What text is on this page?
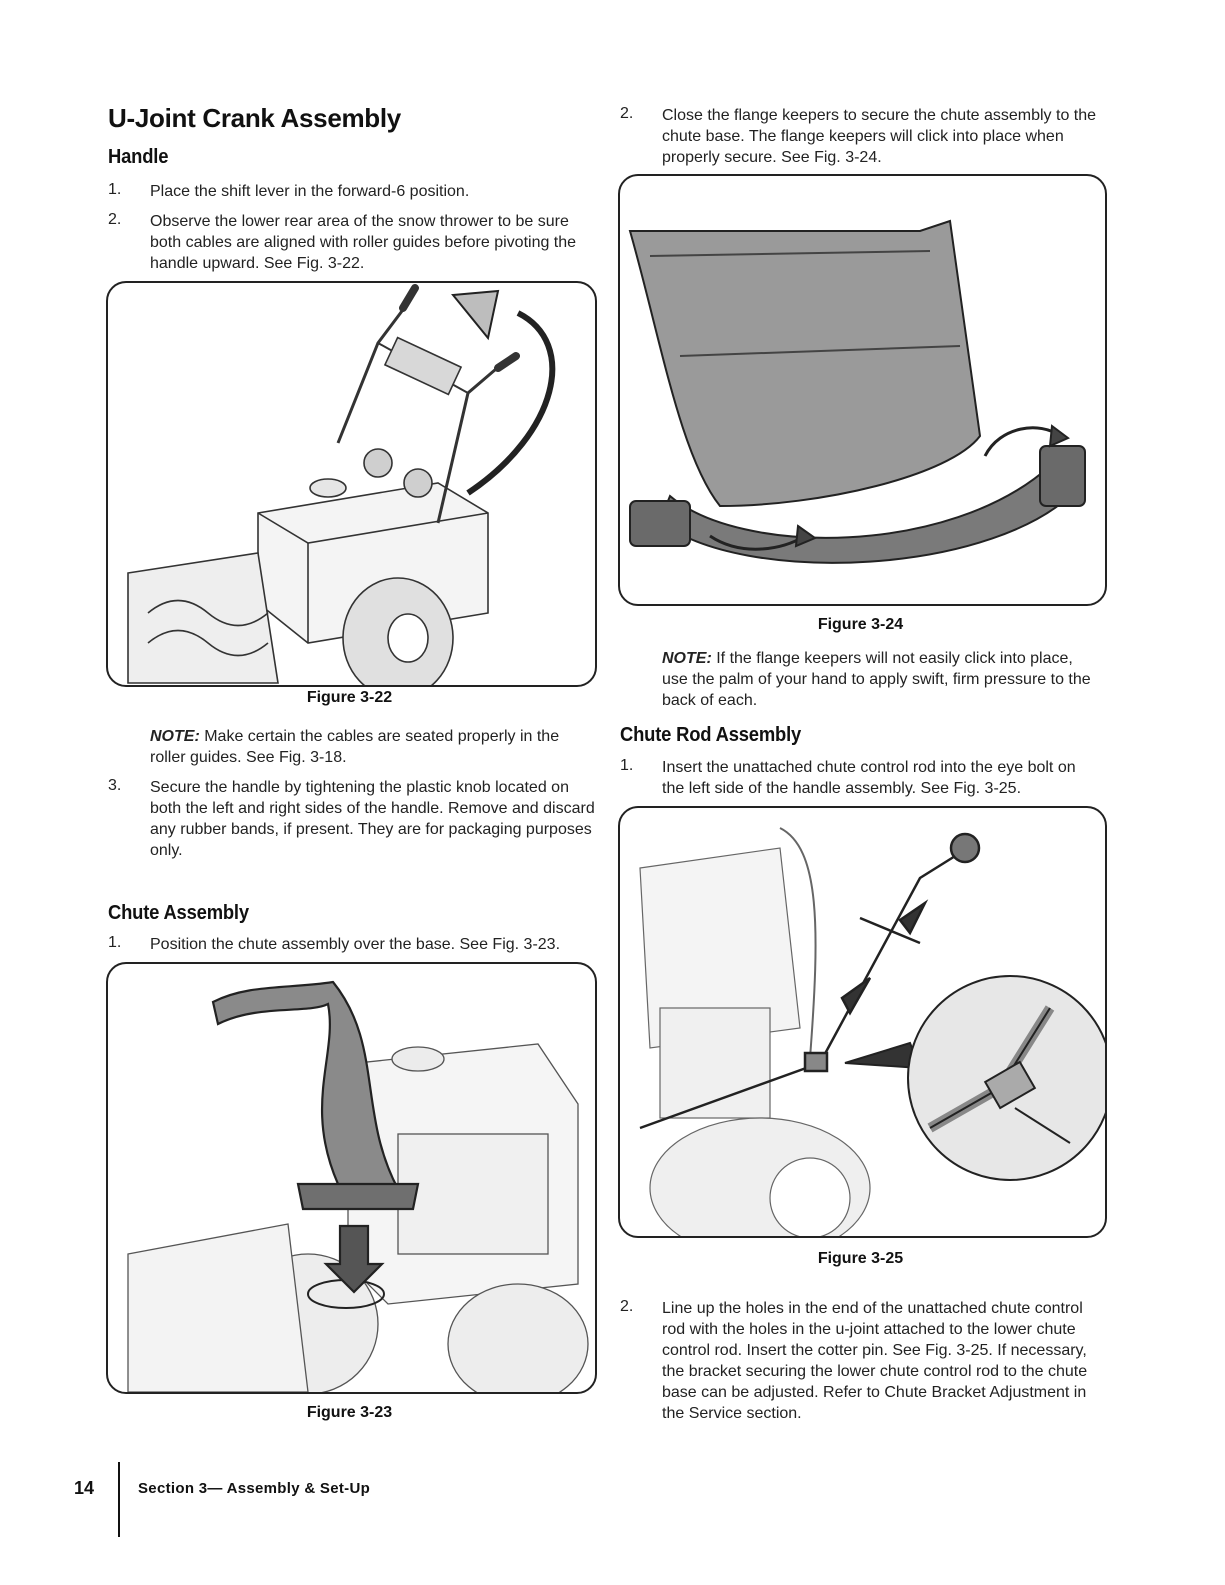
U-Joint Crank Assembly
Handle
1. Place the shift lever in the forward-6 position.
2. Observe the lower rear area of the snow thrower to be sure both cables are aligned with roller guides before pivoting the handle upward. See Fig. 3-22.
Figure 3-22
NOTE: Make certain the cables are seated properly in the roller guides. See Fig. 3-18.
3. Secure the handle by tightening the plastic knob located on both the left and right sides of the handle. Remove and discard any rubber bands, if present. They are for packaging purposes only.
Chute Assembly
1. Position the chute assembly over the base. See Fig. 3-23.
Figure 3-23
2. Close the flange keepers to secure the chute assembly to the chute base. The flange keepers will click into place when properly secure. See Fig. 3-24.
Figure 3-24
NOTE: If the flange keepers will not easily click into place, use the palm of your hand to apply swift, firm pressure to the back of each.
Chute Rod Assembly
1. Insert the unattached chute control rod into the eye bolt on the left side of the handle assembly. See Fig. 3-25.
Figure 3-25
2. Line up the holes in the end of the unattached chute control rod with the holes in the u-joint attached to the lower chute control rod. Insert the cotter pin. See Fig. 3-25. If necessary, the bracket securing the lower chute control rod to the chute base can be adjusted. Refer to Chute Bracket Adjustment in the Service section.
14	Section 3— Assembly & Set-Up
